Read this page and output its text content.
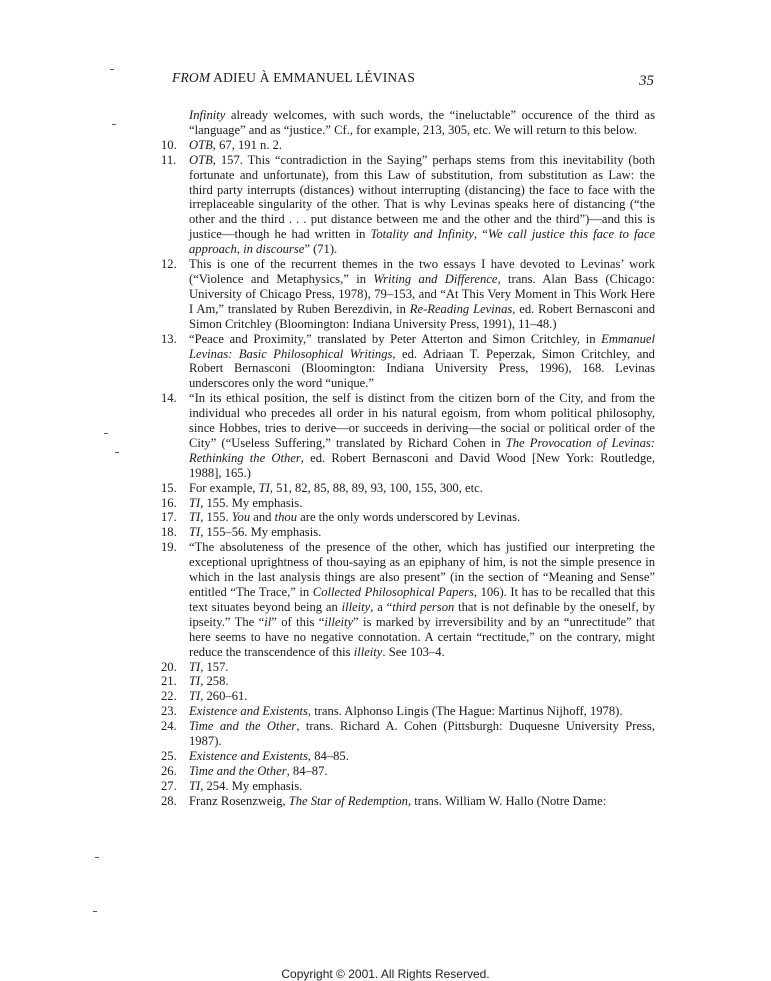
FROM ADIEU À EMMANUEL LÉVINAS	35
Infinity already welcomes, with such words, the “ineluctable” occurence of the third as “language” and as “justice.” Cf., for example, 213, 305, etc. We will return to this below.
10. OTB, 67, 191 n. 2.
11. OTB, 157. This “contradiction in the Saying” perhaps stems from this inevitability (both fortunate and unfortunate), from this Law of substitution, from substitution as Law: the third party interrupts (distances) without interrupting (distancing) the face to face with the irreplaceable singularity of the other. That is why Levinas speaks here of distancing (“the other and the third . . . put distance between me and the other and the third”)—and this is justice—though he had written in Totality and Infinity, “We call justice this face to face approach, in discourse” (71).
12. This is one of the recurrent themes in the two essays I have devoted to Levinas’ work (“Violence and Metaphysics,” in Writing and Difference, trans. Alan Bass (Chicago: University of Chicago Press, 1978), 79–153, and “At This Very Moment in This Work Here I Am,” translated by Ruben Berezdivin, in Re-Reading Levinas, ed. Robert Bernasconi and Simon Critchley (Bloomington: Indiana University Press, 1991), 11–48.)
13. “Peace and Proximity,” translated by Peter Atterton and Simon Critchley, in Emmanuel Levinas: Basic Philosophical Writings, ed. Adriaan T. Peperzak, Simon Critchley, and Robert Bernasconi (Bloomington: Indiana University Press, 1996), 168. Levinas underscores only the word “unique.”
14. “In its ethical position, the self is distinct from the citizen born of the City, and from the individual who precedes all order in his natural egoism, from whom political philosophy, since Hobbes, tries to derive—or succeeds in deriving—the social or political order of the City” (“Useless Suffering,” translated by Richard Cohen in The Provocation of Levinas: Rethinking the Other, ed. Robert Bernasconi and David Wood [New York: Routledge, 1988], 165.)
15. For example, TI, 51, 82, 85, 88, 89, 93, 100, 155, 300, etc.
16. TI, 155. My emphasis.
17. TI, 155. You and thou are the only words underscored by Levinas.
18. TI, 155–56. My emphasis.
19. “The absoluteness of the presence of the other, which has justified our interpreting the exceptional uprightness of thou-saying as an epiphany of him, is not the simple presence in which in the last analysis things are also present” (in the section of “Meaning and Sense” entitled “The Trace,” in Collected Philosophical Papers, 106). It has to be recalled that this text situates beyond being an illeity, a “third person that is not definable by the oneself, by ipseity.” The “il” of this “illeity” is marked by irreversibility and by an “unrectitude” that here seems to have no negative connotation. A certain “rectitude,” on the contrary, might reduce the transcendence of this illeity. See 103–4.
20. TI, 157.
21. TI, 258.
22. TI, 260–61.
23. Existence and Existents, trans. Alphonso Lingis (The Hague: Martinus Nijhoff, 1978).
24. Time and the Other, trans. Richard A. Cohen (Pittsburgh: Duquesne University Press, 1987).
25. Existence and Existents, 84–85.
26. Time and the Other, 84–87.
27. TI, 254. My emphasis.
28. Franz Rosenzweig, The Star of Redemption, trans. William W. Hallo (Notre Dame:
Copyright © 2001. All Rights Reserved.
